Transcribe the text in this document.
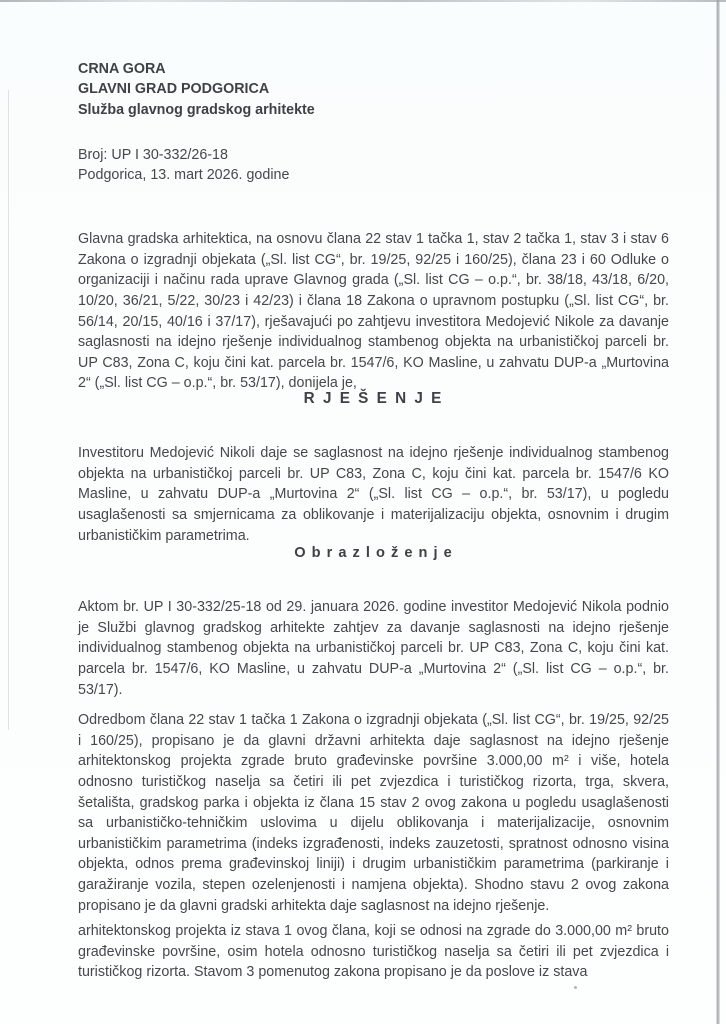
CRNA GORA
GLAVNI GRAD PODGORICA
Služba glavnog gradskog arhitekte
Broj: UP I 30-332/26-18
Podgorica, 13. mart 2026. godine

Glavna gradska arhitektica, na osnovu člana 22 stav 1 tačka 1, stav 2 tačka 1, stav 3 i stav 6 Zakona o izgradnji objekata („Sl. list CG“, br. 19/25, 92/25 i 160/25), člana 23 i 60 Odluke o organizaciji i načinu rada uprave Glavnog grada („Sl. list CG – o.p.“, br. 38/18, 43/18, 6/20, 10/20, 36/21, 5/22, 30/23 i 42/23) i člana 18 Zakona o upravnom postupku („Sl. list CG“, br. 56/14, 20/15, 40/16 i 37/17), rješavajući po zahtjevu investitora Medojević Nikole za davanje saglasnosti na idejno rješenje individualnog stambenog objekta na urbanističkoj parceli br. UP C83, Zona C, koju čini kat. parcela br. 1547/6, KO Masline, u zahvatu DUP-a „Murtovina 2“ („Sl. list CG – o.p.“, br. 53/17), donijela je,

R J E Š E N J E

Investitoru Medojević Nikoli daje se saglasnost na idejno rješenje individualnog stambenog objekta na urbanističkoj parceli br. UP C83, Zona C, koju čini kat. parcela br. 1547/6 KO Masline, u zahvatu DUP-a „Murtovina 2“ („Sl. list CG – o.p.“, br. 53/17), u pogledu usaglašenosti sa smjernicama za oblikovanje i materijalizaciju objekta, osnovnim i drugim urbanističkim parametrima.

O b r a z l o ž e n j e

Aktom br. UP I 30-332/25-18 od 29. januara 2026. godine investitor Medojević Nikola podnio je Službi glavnog gradskog arhitekte zahtjev za davanje saglasnosti na idejno rješenje individualnog stambenog objekta na urbanističkoj parceli br. UP C83, Zona C, koju čini kat. parcela br. 1547/6, KO Masline, u zahvatu DUP-a „Murtovina 2“ („Sl. list CG – o.p.“, br. 53/17).

Odredbom člana 22 stav 1 tačka 1 Zakona o izgradnji objekata („Sl. list CG“, br. 19/25, 92/25 i 160/25), propisano je da glavni državni arhitekta daje saglasnost na idejno rješenje arhitektonskog projekta zgrade bruto građevinske površine 3.000,00 m² i više, hotela odnosno turističkog naselja sa četiri ili pet zvjezdica i turističkog rizorta, trga, skvera, šetališta, gradskog parka i objekta iz člana 15 stav 2 ovog zakona u pogledu usaglašenosti sa urbanističko-tehničkim uslovima u dijelu oblikovanja i materijalizacije, osnovnim urbanističkim parametrima (indeks izgrađenosti, indeks zauzetosti, spratnost odnosno visina objekta, odnos prema građevinskoj liniji) i drugim urbanističkim parametrima (parkiranje i garažiranje vozila, stepen ozelenjenosti i namjena objekta). Shodno stavu 2 ovog zakona propisano je da glavni gradski arhitekta daje saglasnost na idejno rješenje.

arhitektonskog projekta iz stava 1 ovog člana, koji se odnosi na zgrade do 3.000,00 m² bruto građevinske površine, osim hotela odnosno turističkog naselja sa četiri ili pet zvjezdica i turističkog rizorta. Stavom 3 pomenutog zakona propisano je da poslove iz stava
